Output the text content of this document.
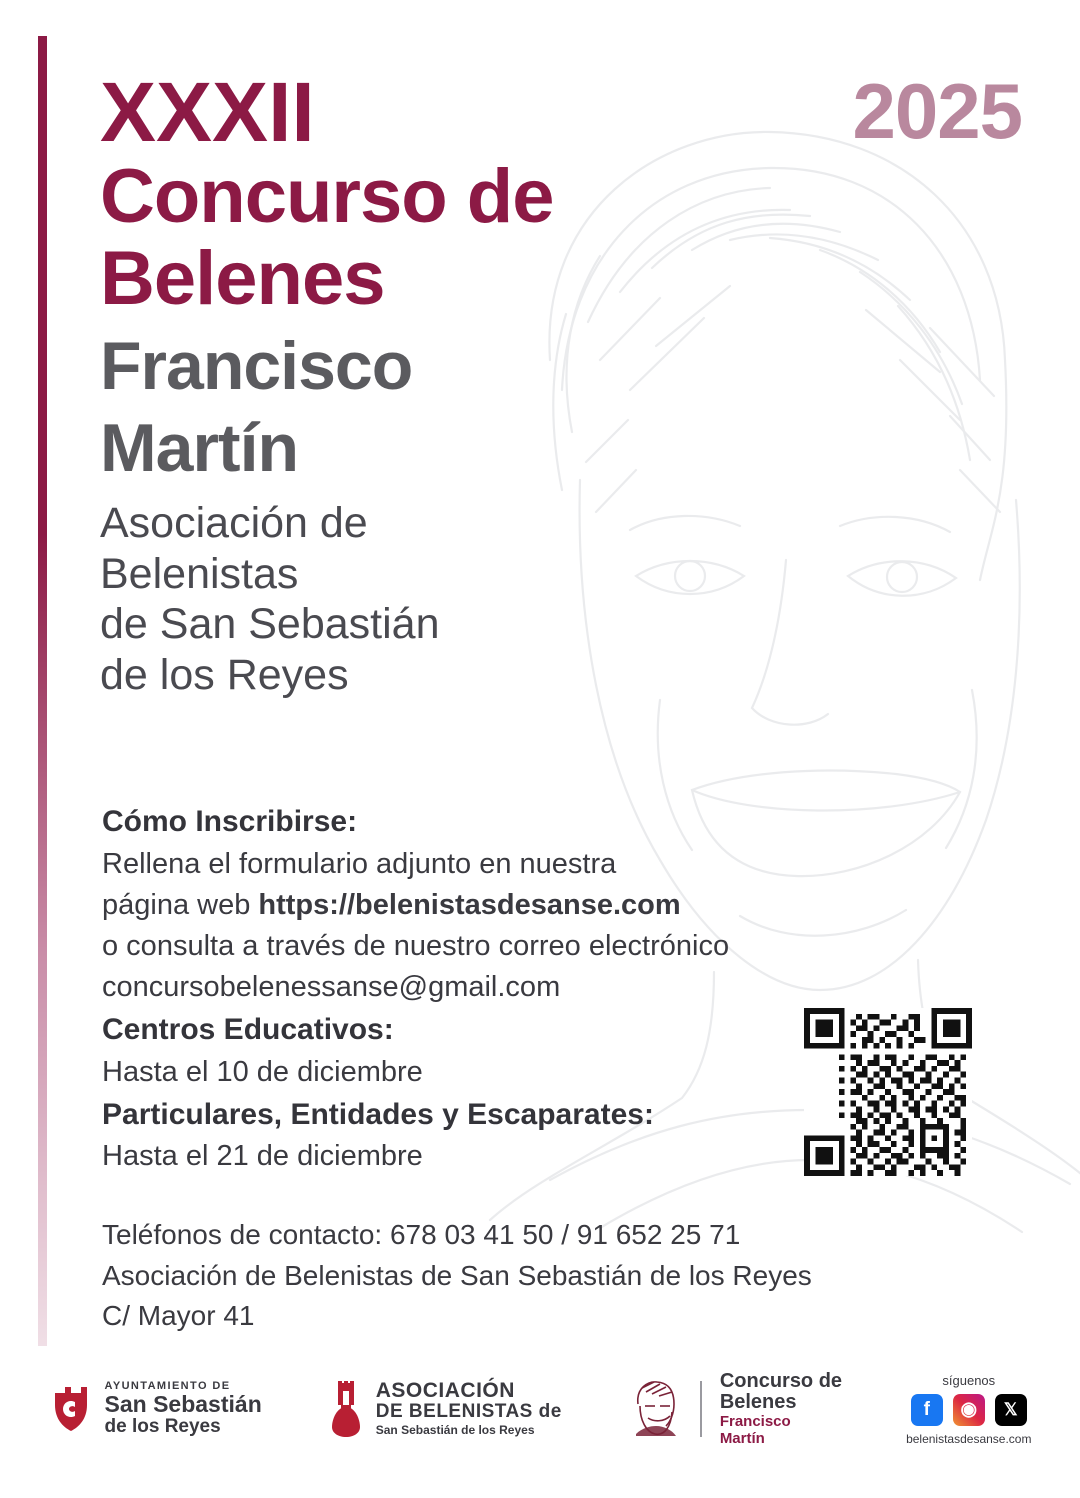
2025
XXXII
Concurso de
Belenes
Francisco
Martín
Asociación de
Belenistas
de San Sebastián
de los Reyes
Cómo Inscribirse:
Rellena el formulario adjunto en nuestra
página web https://belenistasdesanse.com
o consulta a través de nuestro correo electrónico
concursobelenessanse@gmail.com
Centros Educativos:
Hasta el 10 de diciembre
Particulares, Entidades y Escaparates:
Hasta el 21 de diciembre
Teléfonos de contacto: 678 03 41 50 / 91 652 25 71
Asociación de Belenistas de San Sebastián de los Reyes
C/ Mayor 41
AYUNTAMIENTO DE
San Sebastián
de los Reyes
ASOCIACIÓN
DE BELENISTAS de
San Sebastián de los Reyes
Concurso de
Belenes
Francisco
Martín
síguenos
f	◉	𝕏
belenistasdesanse.com
